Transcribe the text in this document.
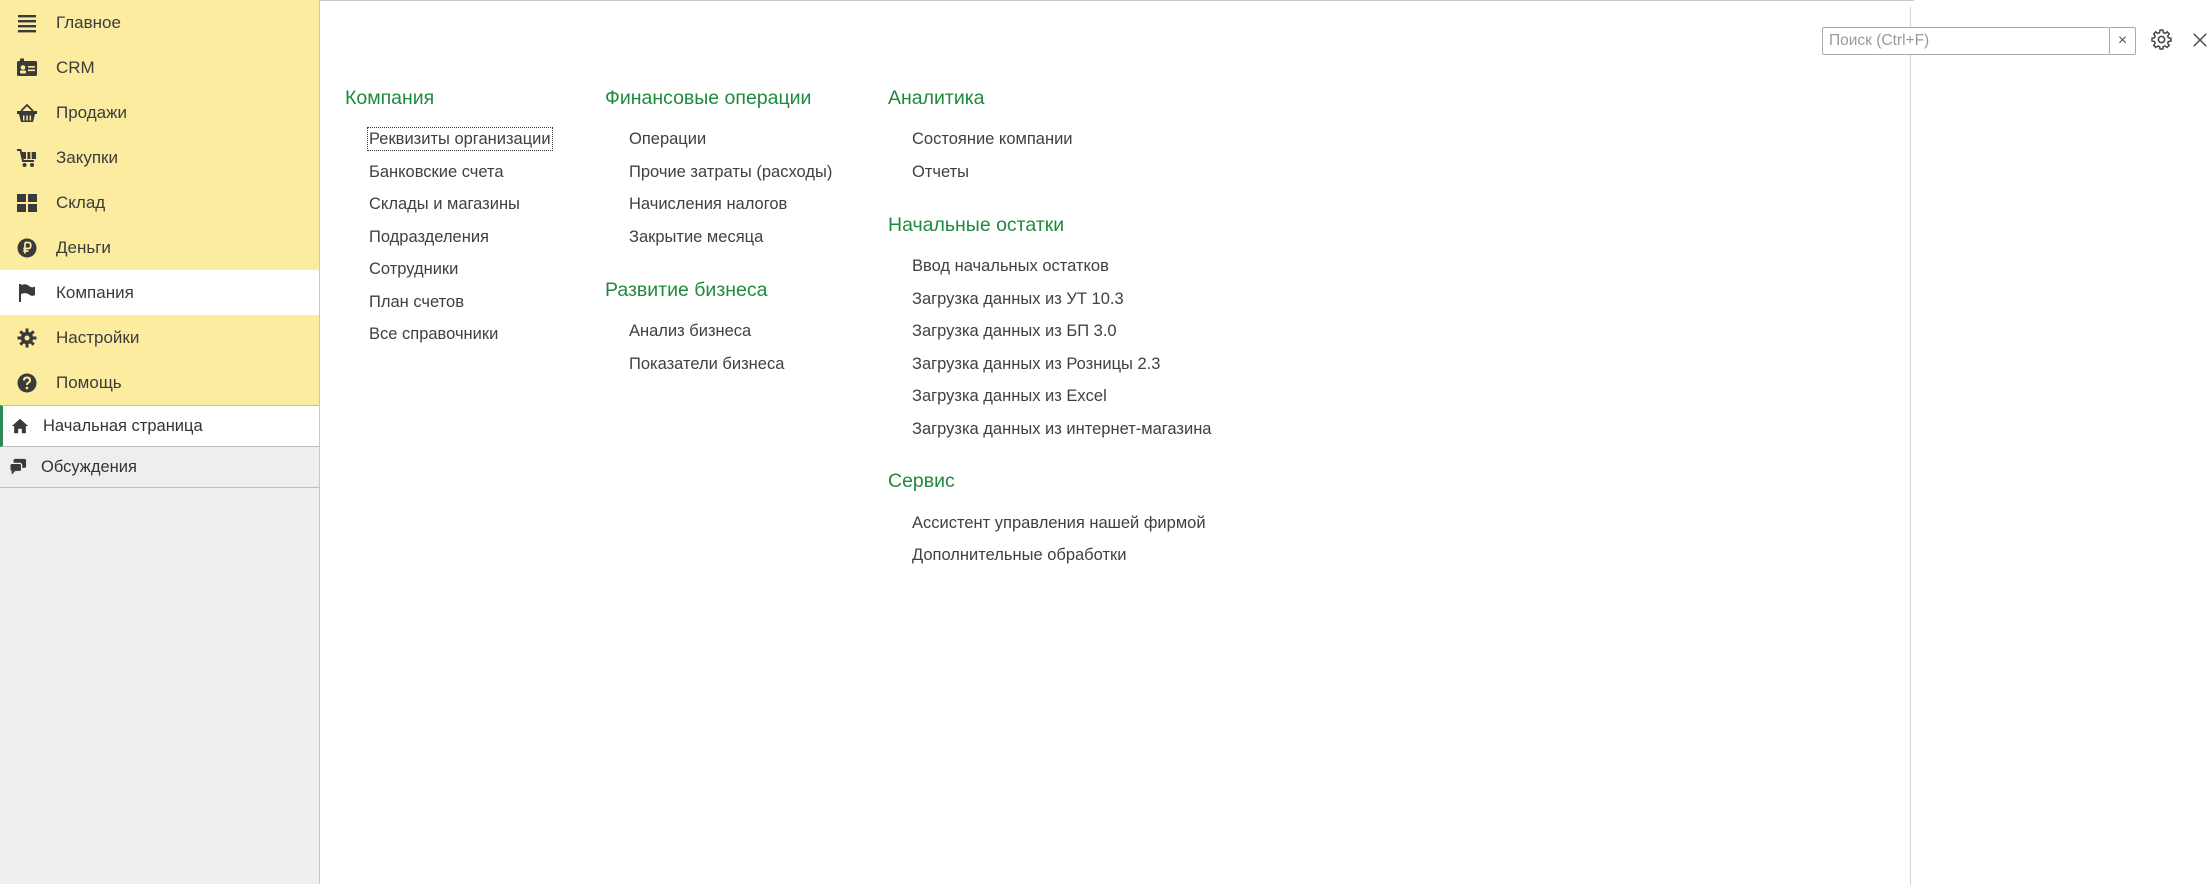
Главное
CRM
Продажи
Закупки
Склад
Деньги
Компания
Настройки
Помощь
Начальная страница
Обсуждения
Поиск (Ctrl+F)
×
Компания
Реквизиты организации
Банковские счета
Склады и магазины
Подразделения
Сотрудники
План счетов
Все справочники
Финансовые операции
Операции
Прочие затраты (расходы)
Начисления налогов
Закрытие месяца
Развитие бизнеса
Анализ бизнеса
Показатели бизнеса
Аналитика
Состояние компании
Отчеты
Начальные остатки
Ввод начальных остатков
Загрузка данных из УТ 10.3
Загрузка данных из БП 3.0
Загрузка данных из Розницы 2.3
Загрузка данных из Excel
Загрузка данных из интернет-магазина
Сервис
Ассистент управления нашей фирмой
Дополнительные обработки
